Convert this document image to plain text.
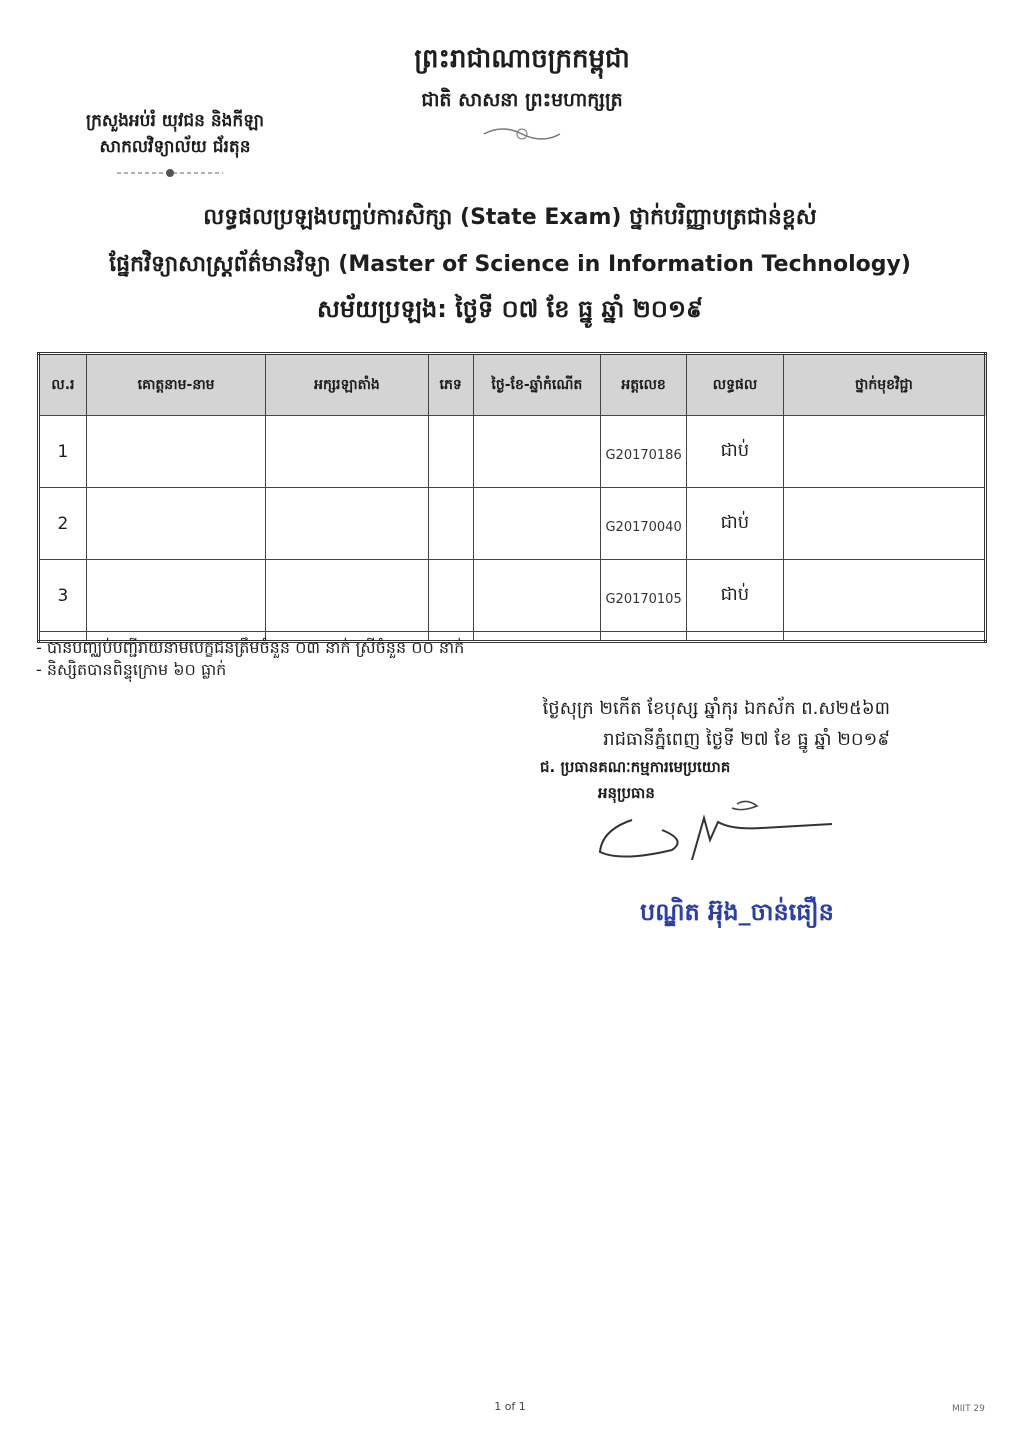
ព្រះរាជាណាចក្រកម្ពុជា
ជាតិ សាសនា ព្រះមហាក្សត្រ
ក្រសួងអប់រំ យុវជន និងកីឡា
សាកលវិទ្យាល័យ ជ័រតុន
លទ្ធផលប្រឡងបញ្ចប់ការសិក្សា (State Exam) ថ្នាក់បរិញ្ញាបត្រជាន់ខ្ពស់
ផ្នែកវិទ្យាសាស្ត្រព័ត៌មានវិទ្យា (Master of Science in Information Technology)
សម័យប្រឡង: ថ្ងៃទី ០៧ ខែ ធ្នូ ឆ្នាំ ២០១៩
ល.រ	គោត្តនាម-នាម	អក្សរឡាតាំង	ភេទ	ថ្ងៃ-ខែ-ឆ្នាំកំណើត	អត្តលេខ	លទ្ធផល	ថ្នាក់មុខវិជ្ជា
1					G20170186	ជាប់	
2					G20170040	ជាប់	
3					G20170105	ជាប់	

- បានបញ្ឈប់បញ្ជីរាយនាមបេក្ខជនត្រឹមចំនួន ០៣ នាក់ ស្រីចំនួន ០០ នាក់
- និស្សិតបានពិន្ទុក្រោម ៦០ ធ្លាក់
ថ្ងៃសុក្រ ២កើត ខែបុស្ស ឆ្នាំកុរ ឯកស័ក ព.ស២៥៦៣
រាជធានីភ្នំពេញ ថ្ងៃទី ២៧ ខែ ធ្នូ ឆ្នាំ ២០១៩
ជ. ប្រធានគណៈកម្មការមេប្រយោគ
អនុប្រធាន
បណ្ឌិត អ៊ុង_ចាន់ធឿន
1 of 1	MIIT 29
